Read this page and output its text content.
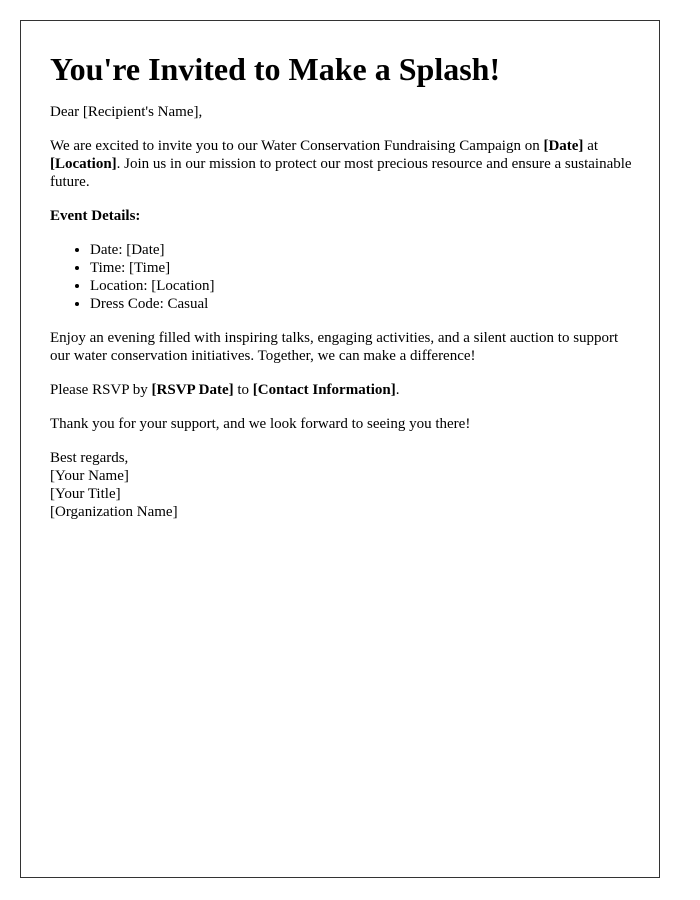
You're Invited to Make a Splash!

Dear [Recipient's Name],

We are excited to invite you to our Water Conservation Fundraising Campaign on [Date] at [Location]. Join us in our mission to protect our most precious resource and ensure a sustainable future.

Event Details:

• Date: [Date]
• Time: [Time]
• Location: [Location]
• Dress Code: Casual

Enjoy an evening filled with inspiring talks, engaging activities, and a silent auction to support our water conservation initiatives. Together, we can make a difference!

Please RSVP by [RSVP Date] to [Contact Information].

Thank you for your support, and we look forward to seeing you there!

Best regards,
[Your Name]
[Your Title]
[Organization Name]
